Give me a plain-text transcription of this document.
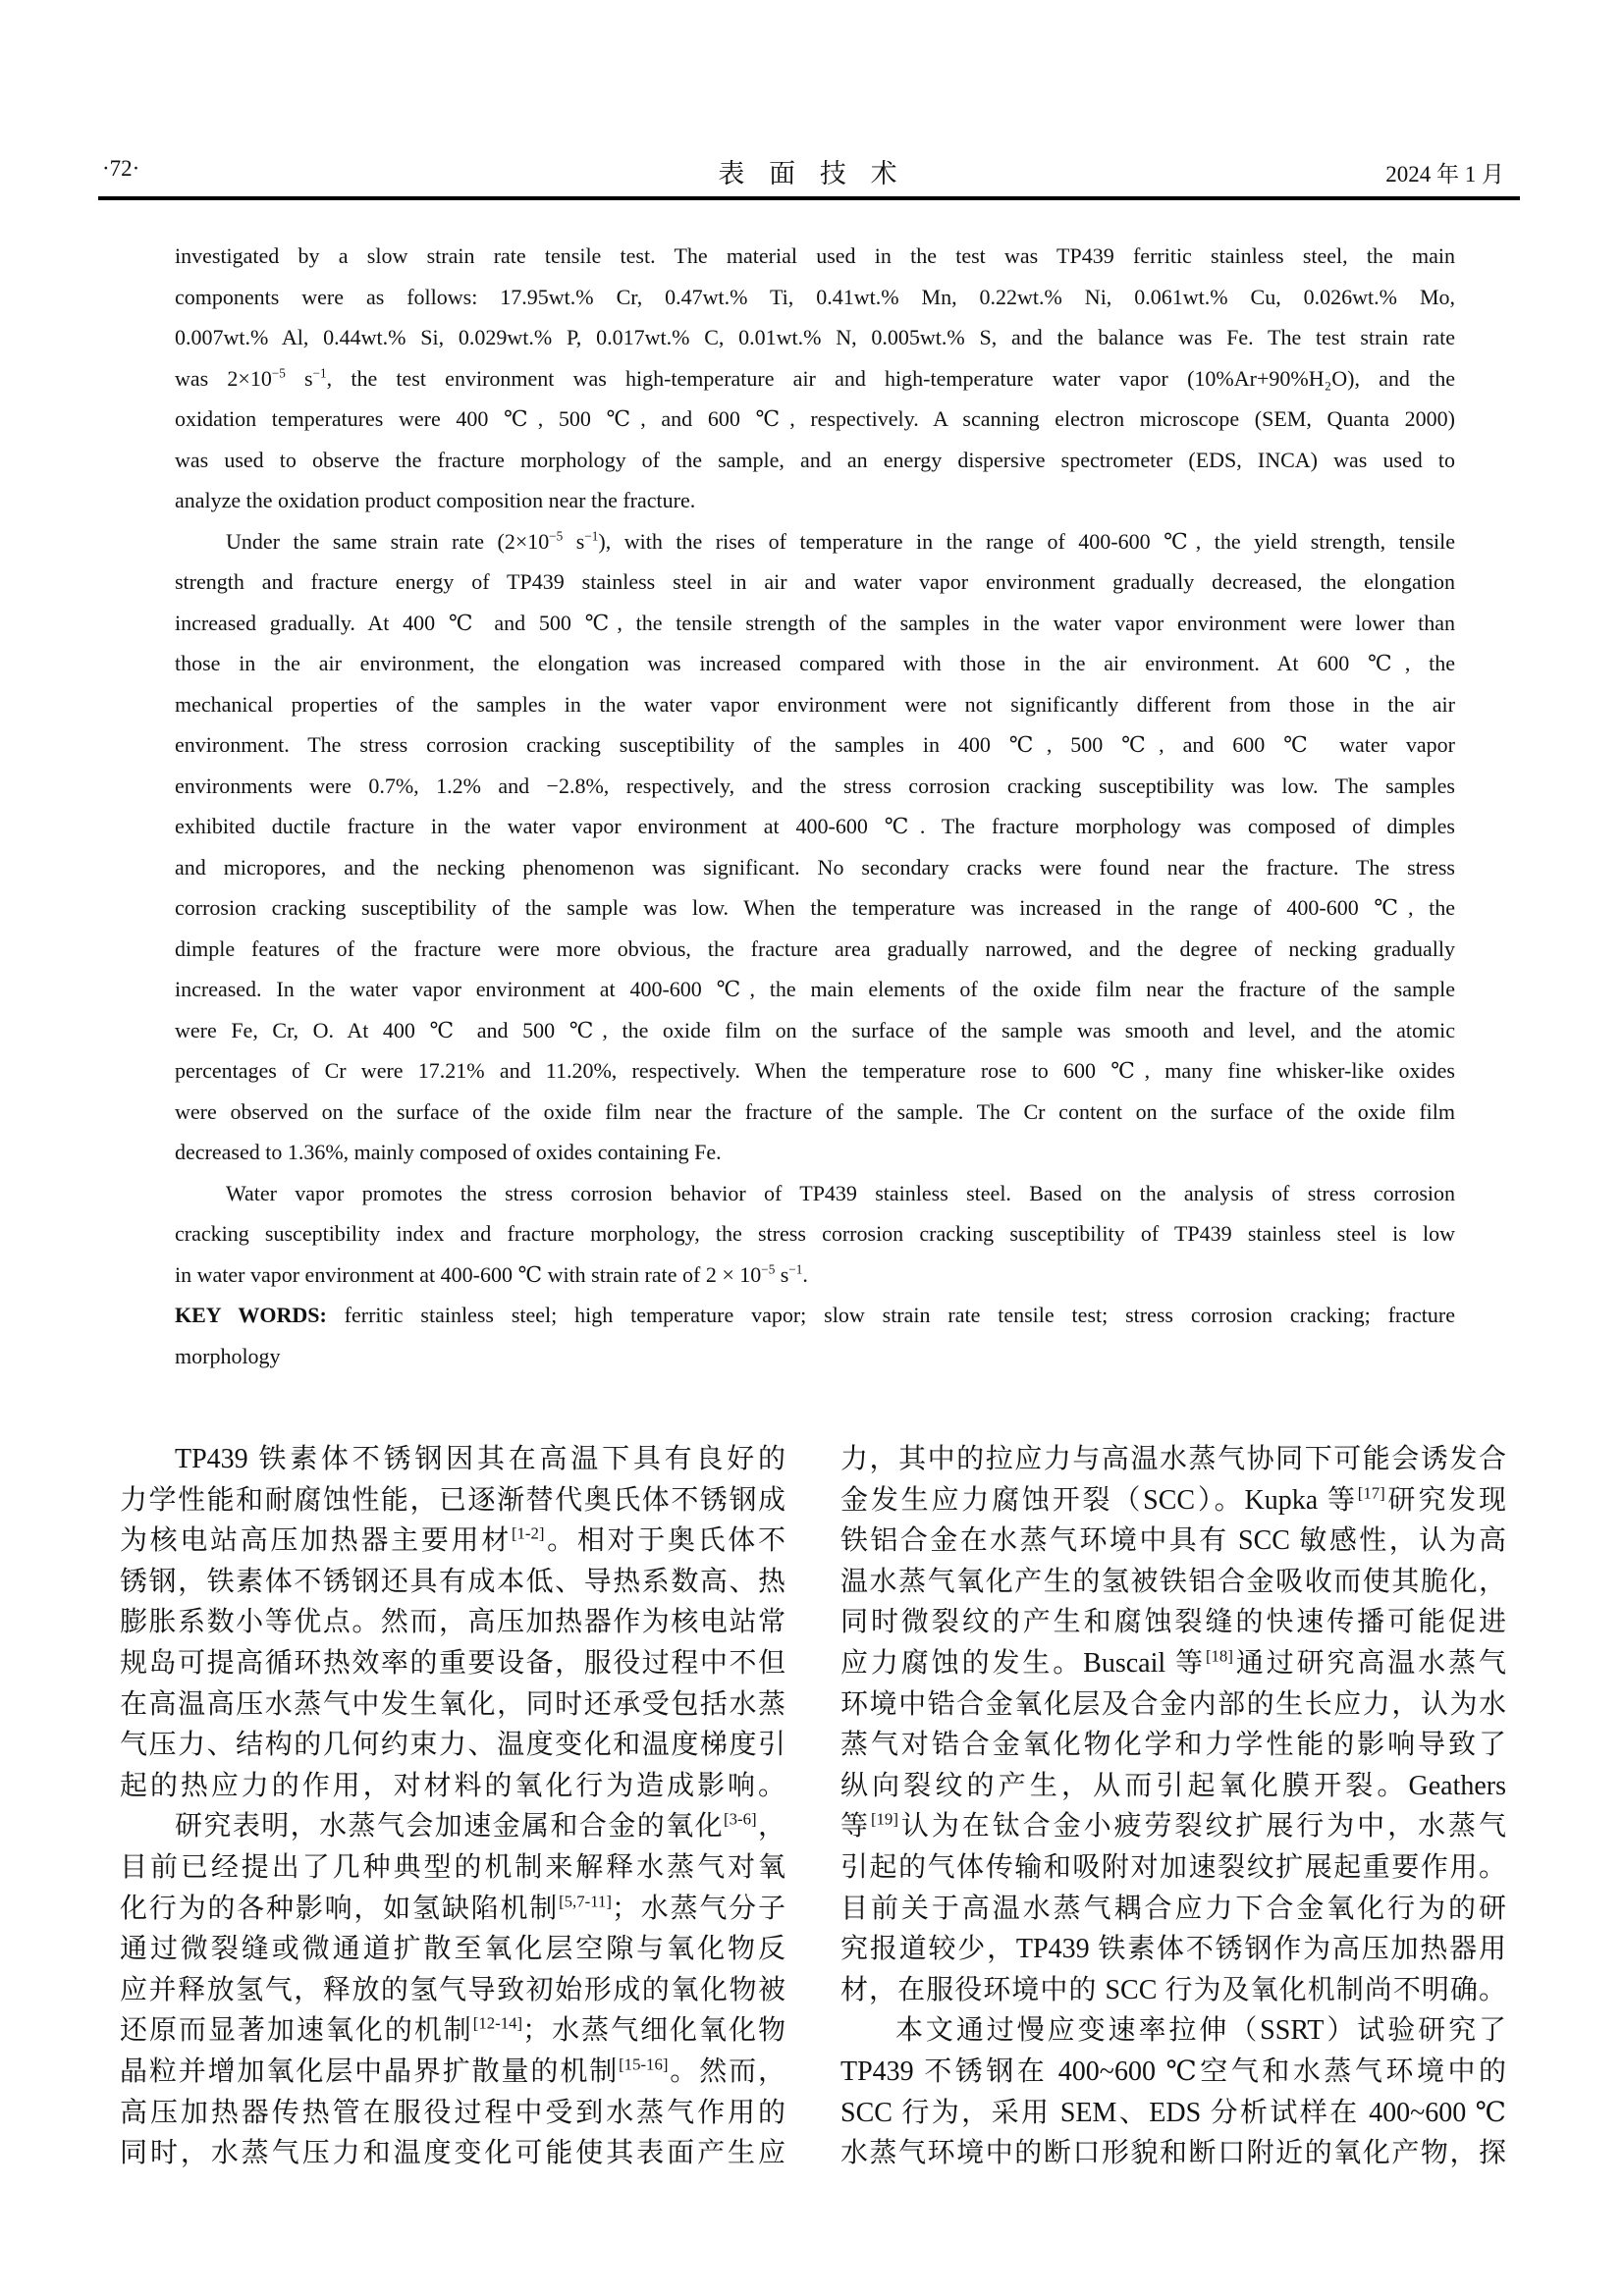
·72·	表 面 技 术	2024 年 1 月
investigated by a slow strain rate tensile test. The material used in the test was TP439 ferritic stainless steel, the main
components were as follows: 17.95wt.% Cr, 0.47wt.% Ti, 0.41wt.% Mn, 0.22wt.% Ni, 0.061wt.% Cu, 0.026wt.% Mo,
0.007wt.% Al, 0.44wt.% Si, 0.029wt.% P, 0.017wt.% C, 0.01wt.% N, 0.005wt.% S, and the balance was Fe. The test strain rate
was $2\times 10^{-5}$ $s^{-1}$, the test environment was high-temperature air and high-temperature water vapor (10%Ar+90%H₂O), and the
oxidation temperatures were 400 ℃, 500 ℃, and 600 ℃, respectively. A scanning electron microscope (SEM, Quanta 2000)
was used to observe the fracture morphology of the sample, and an energy dispersive spectrometer (EDS, INCA) was used to
analyze the oxidation product composition near the fracture.
Under the same strain rate ($2\times 10^{-5}$ $s^{-1}$), with the rises of temperature in the range of 400-600 ℃, the yield strength, tensile
strength and fracture energy of TP439 stainless steel in air and water vapor environment gradually decreased, the elongation
increased gradually. At 400 ℃ and 500 ℃, the tensile strength of the samples in the water vapor environment were lower than
those in the air environment, the elongation was increased compared with those in the air environment. At 600 ℃, the
mechanical properties of the samples in the water vapor environment were not significantly different from those in the air
environment. The stress corrosion cracking susceptibility of the samples in 400 ℃, 500 ℃, and 600 ℃ water vapor
environments were 0.7%, 1.2% and −2.8%, respectively, and the stress corrosion cracking susceptibility was low. The samples
exhibited ductile fracture in the water vapor environment at 400-600 ℃. The fracture morphology was composed of dimples
and micropores, and the necking phenomenon was significant. No secondary cracks were found near the fracture. The stress
corrosion cracking susceptibility of the sample was low. When the temperature was increased in the range of 400-600 ℃, the
dimple features of the fracture were more obvious, the fracture area gradually narrowed, and the degree of necking gradually
increased. In the water vapor environment at 400-600 ℃, the main elements of the oxide film near the fracture of the sample
were Fe, Cr, O. At 400 ℃ and 500 ℃, the oxide film on the surface of the sample was smooth and level, and the atomic
percentages of Cr were 17.21% and 11.20%, respectively. When the temperature rose to 600 ℃, many fine whisker-like oxides
were observed on the surface of the oxide film near the fracture of the sample. The Cr content on the surface of the oxide film
decreased to 1.36%, mainly composed of oxides containing Fe.
Water vapor promotes the stress corrosion behavior of TP439 stainless steel. Based on the analysis of stress corrosion
cracking susceptibility index and fracture morphology, the stress corrosion cracking susceptibility of TP439 stainless steel is low
in water vapor environment at 400-600 ℃ with strain rate of $2 \times 10^{-5}$ $s^{-1}$.
KEY WORDS: ferritic stainless steel; high temperature vapor; slow strain rate tensile test; stress corrosion cracking; fracture
morphology
TP439 铁素体不锈钢因其在高温下具有良好的
力学性能和耐腐蚀性能，已逐渐替代奥氏体不锈钢成
为核电站高压加热器主要用材[1-2]。相对于奥氏体不
锈钢，铁素体不锈钢还具有成本低、导热系数高、热
膨胀系数小等优点。然而，高压加热器作为核电站常
规岛可提高循环热效率的重要设备，服役过程中不但
在高温高压水蒸气中发生氧化，同时还承受包括水蒸
气压力、结构的几何约束力、温度变化和温度梯度引
起的热应力的作用，对材料的氧化行为造成影响。
研究表明，水蒸气会加速金属和合金的氧化[3-6]，
目前已经提出了几种典型的机制来解释水蒸气对氧
化行为的各种影响，如氢缺陷机制[5,7-11]；水蒸气分子
通过微裂缝或微通道扩散至氧化层空隙与氧化物反
应并释放氢气，释放的氢气导致初始形成的氧化物被
还原而显著加速氧化的机制[12-14]；水蒸气细化氧化物
晶粒并增加氧化层中晶界扩散量的机制[15-16]。然而，
高压加热器传热管在服役过程中受到水蒸气作用的
同时，水蒸气压力和温度变化可能使其表面产生应
力，其中的拉应力与高温水蒸气协同下可能会诱发合
金发生应力腐蚀开裂（SCC）。Kupka 等[17]研究发现
铁铝合金在水蒸气环境中具有 SCC 敏感性，认为高
温水蒸气氧化产生的氢被铁铝合金吸收而使其脆化，
同时微裂纹的产生和腐蚀裂缝的快速传播可能促进
应力腐蚀的发生。Buscail 等[18]通过研究高温水蒸气
环境中锆合金氧化层及合金内部的生长应力，认为水
蒸气对锆合金氧化物化学和力学性能的影响导致了
纵向裂纹的产生，从而引起氧化膜开裂。Geathers
等[19]认为在钛合金小疲劳裂纹扩展行为中，水蒸气
引起的气体传输和吸附对加速裂纹扩展起重要作用。
目前关于高温水蒸气耦合应力下合金氧化行为的研
究报道较少，TP439 铁素体不锈钢作为高压加热器用
材，在服役环境中的 SCC 行为及氧化机制尚不明确。
本文通过慢应变速率拉伸（SSRT）试验研究了
TP439 不锈钢在 400~600 ℃空气和水蒸气环境中的
SCC 行为，采用 SEM、EDS 分析试样在 400~600 ℃
水蒸气环境中的断口形貌和断口附近的氧化产物，探
